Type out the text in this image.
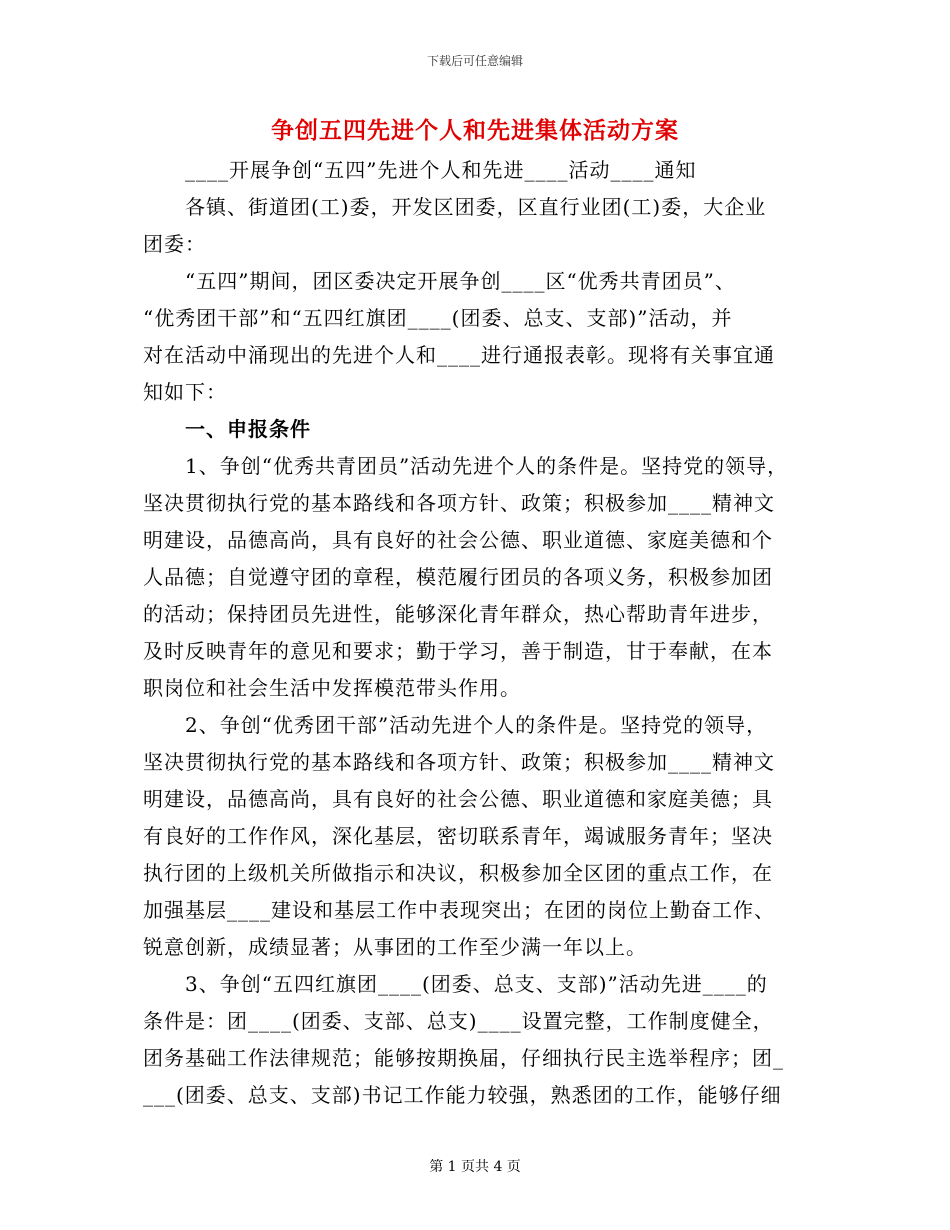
下载后可任意编辑
争创五四先进个人和先进集体活动方案
____开展争创“五四”先进个人和先进____活动____通知
各镇、街道团(工)委，开发区团委，区直行业团(工)委，大企业
团委：
“五四”期间，团区委决定开展争创____区“优秀共青团员”、
“优秀团干部”和“五四红旗团____(团委、总支、支部)”活动，并
对在活动中涌现出的先进个人和____进行通报表彰。现将有关事宜通
知如下：
一、申报条件
1、争创“优秀共青团员”活动先进个人的条件是。坚持党的领导，
坚决贯彻执行党的基本路线和各项方针、政策；积极参加____精神文
明建设，品德高尚，具有良好的社会公德、职业道德、家庭美德和个
人品德；自觉遵守团的章程，模范履行团员的各项义务，积极参加团
的活动；保持团员先进性，能够深化青年群众，热心帮助青年进步，
及时反映青年的意见和要求；勤于学习，善于制造，甘于奉献，在本
职岗位和社会生活中发挥模范带头作用。
2、争创“优秀团干部”活动先进个人的条件是。坚持党的领导，
坚决贯彻执行党的基本路线和各项方针、政策；积极参加____精神文
明建设，品德高尚，具有良好的社会公德、职业道德和家庭美德；具
有良好的工作作风，深化基层，密切联系青年，竭诚服务青年；坚决
执行团的上级机关所做指示和决议，积极参加全区团的重点工作，在
加强基层____建设和基层工作中表现突出；在团的岗位上勤奋工作、
锐意创新，成绩显著；从事团的工作至少满一年以上。
3、争创“五四红旗团____(团委、总支、支部)”活动先进____的
条件是：团____(团委、支部、总支)____设置完整，工作制度健全，
团务基础工作法律规范；能够按期换届，仔细执行民主选举程序；团_
___(团委、总支、支部)书记工作能力较强，熟悉团的工作，能够仔细
第 1 页共 4 页
